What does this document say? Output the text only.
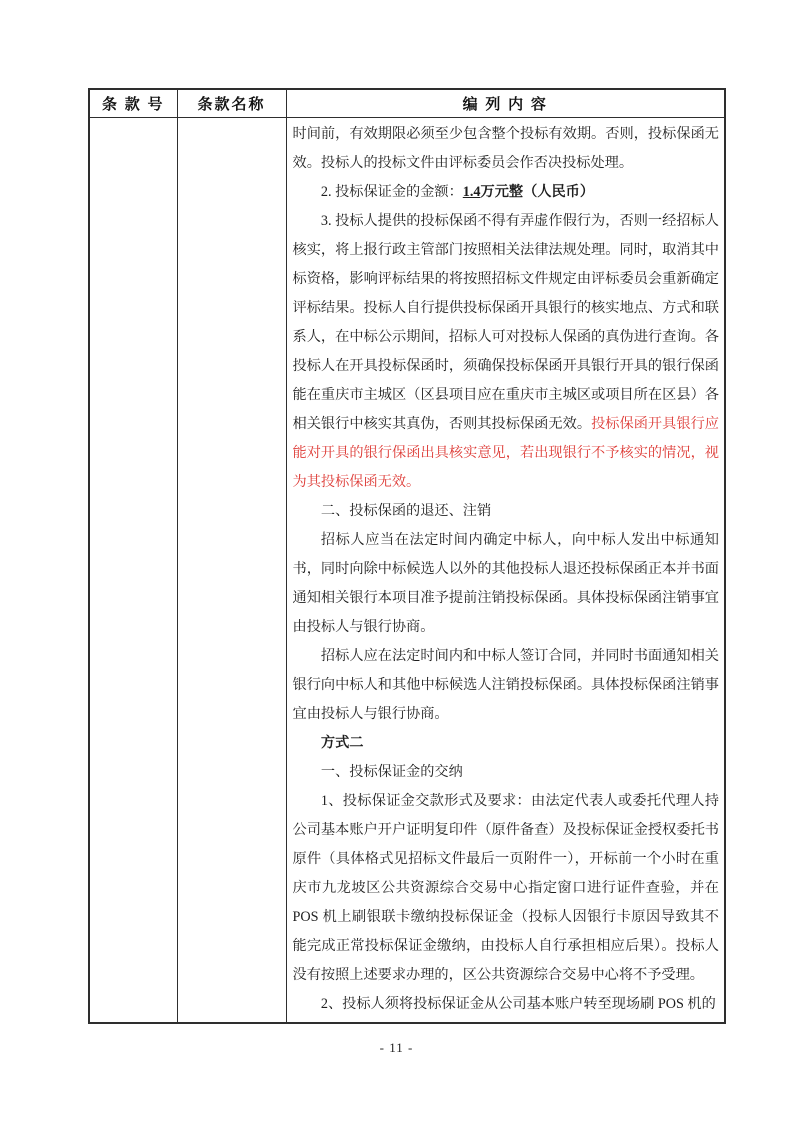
条 款 号	条款名称	编 列 内 容

时间前，有效期限必须至少包含整个投标有效期。否则，投标保函无效。投标人的投标文件由评标委员会作否决投标处理。

2. 投标保证金的金额：1.4万元整（人民币）

3. 投标人提供的投标保函不得有弄虚作假行为，否则一经招标人核实，将上报行政主管部门按照相关法律法规处理。同时，取消其中标资格，影响评标结果的将按照招标文件规定由评标委员会重新确定评标结果。投标人自行提供投标保函开具银行的核实地点、方式和联系人，在中标公示期间，招标人可对投标人保函的真伪进行查询。各投标人在开具投标保函时，须确保投标保函开具银行开具的银行保函能在重庆市主城区（区县项目应在重庆市主城区或项目所在区县）各相关银行中核实其真伪，否则其投标保函无效。投标保函开具银行应能对开具的银行保函出具核实意见，若出现银行不予核实的情况，视为其投标保函无效。

二、投标保函的退还、注销

招标人应当在法定时间内确定中标人，向中标人发出中标通知书，同时向除中标候选人以外的其他投标人退还投标保函正本并书面通知相关银行本项目准予提前注销投标保函。具体投标保函注销事宜由投标人与银行协商。

招标人应在法定时间内和中标人签订合同，并同时书面通知相关银行向中标人和其他中标候选人注销投标保函。具体投标保函注销事宜由投标人与银行协商。

方式二

一、投标保证金的交纳

1、投标保证金交款形式及要求：由法定代表人或委托代理人持公司基本账户开户证明复印件（原件备查）及投标保证金授权委托书原件（具体格式见招标文件最后一页附件一），开标前一个小时在重庆市九龙坡区公共资源综合交易中心指定窗口进行证件查验，并在 POS 机上刷银联卡缴纳投标保证金（投标人因银行卡原因导致其不能完成正常投标保证金缴纳，由投标人自行承担相应后果）。投标人没有按照上述要求办理的，区公共资源综合交易中心将不予受理。

2、投标人须将投标保证金从公司基本账户转至现场刷 POS 机的

- 11 -
